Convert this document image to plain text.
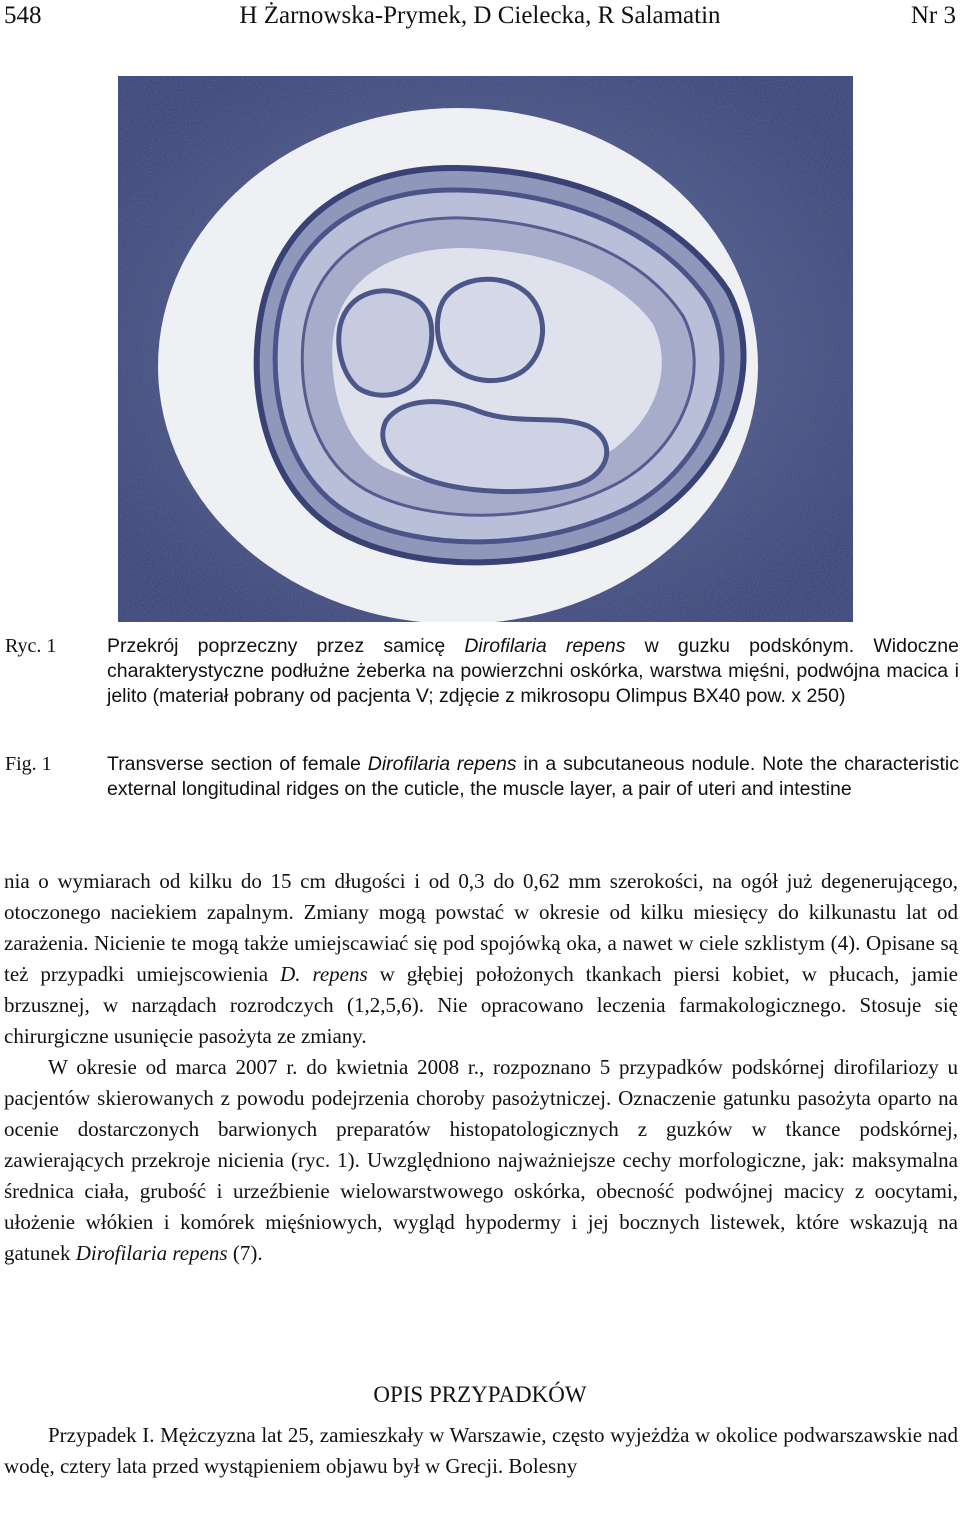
548	H Żarnowska-Prymek, D Cielecka, R Salamatin	Nr 3
Ryc. 1	Przekrój poprzeczny przez samicę Dirofilaria repens w guzku podskónym. Widoczne charakterystyczne podłużne żeberka na powierzchni oskórka, warstwa mięśni, podwójna macica i jelito (materiał pobrany od pacjenta V; zdjęcie z mikrosopu Olimpus BX40 pow. x 250)
Fig. 1	Transverse section of female Dirofilaria repens in a subcutaneous nodule. Note the characteristic external longitudinal ridges on the cuticle, the muscle layer, a pair of uteri and intestine

nia o wymiarach od kilku do 15 cm długości i od 0,3 do 0,62 mm szerokości, na ogół już degenerującego, otoczonego naciekiem zapalnym. Zmiany mogą powstać w okresie od kilku miesięcy do kilkunastu lat od zarażenia. Nicienie te mogą także umiejscawiać się pod spojówką oka, a nawet w ciele szklistym (4). Opisane są też przypadki umiejscowienia D. repens w głębiej położonych tkankach piersi kobiet, w płucach, jamie brzusznej, w narządach rozrodczych (1,2,5,6). Nie opracowano leczenia farmakologicznego. Stosuje się chirurgiczne usunięcie pasożyta ze zmiany.

W okresie od marca 2007 r. do kwietnia 2008 r., rozpoznano 5 przypadków podskórnej dirofilariozy u pacjentów skierowanych z powodu podejrzenia choroby pasożytniczej. Oznaczenie gatunku pasożyta oparto na ocenie dostarczonych barwionych preparatów histopatologicznych z guzków w tkance podskórnej, zawierających przekroje nicienia (ryc. 1). Uwzględniono najważniejsze cechy morfologiczne, jak: maksymalna średnica ciała, grubość i urzeźbienie wielowarstwowego oskórka, obecność podwójnej macicy z oocytami, ułożenie włókien i komórek mięśniowych, wygląd hypodermy i jej bocznych listewek, które wskazują na gatunek Dirofilaria repens (7).

OPIS PRZYPADKÓW
Przypadek I. Mężczyzna lat 25, zamieszkały w Warszawie, często wyjeżdża w okolice podwarszawskie nad wodę, cztery lata przed wystąpieniem objawu był w Grecji. Bolesny
